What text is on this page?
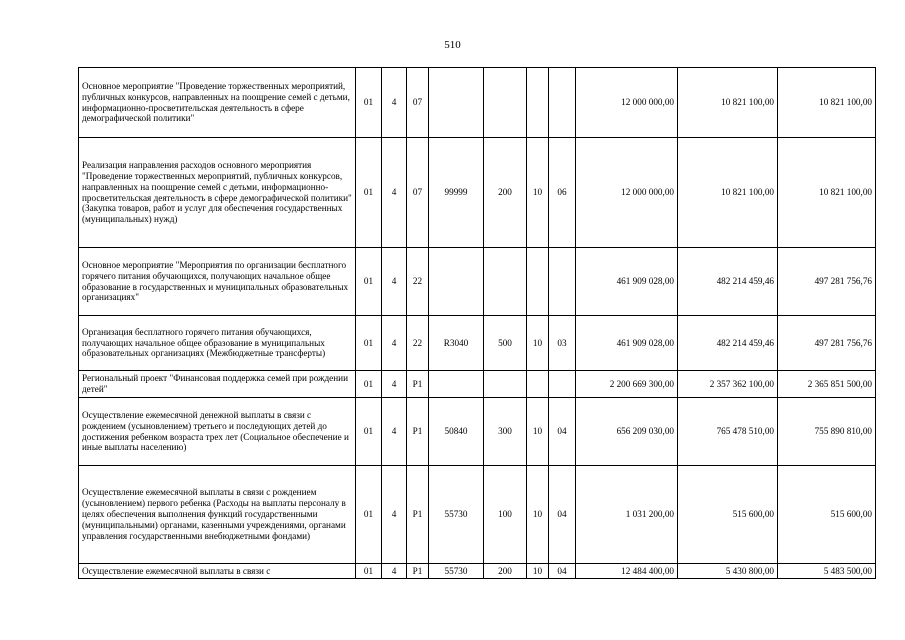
510
Основное мероприятие "Проведение торжественных мероприятий, публичных конкурсов, направленных на поощрение семей с детьми, информационно-просветительская деятельность в сфере демографической политики"	01	4	07					12 000 000,00	10 821 100,00	10 821 100,00
Реализация направления расходов основного мероприятия "Проведение торжественных мероприятий, публичных конкурсов, направленных на поощрение семей с детьми, информационно-просветительская деятельность в сфере демографической политики" (Закупка товаров, работ и услуг для обеспечения государственных (муниципальных) нужд)	01	4	07	99999	200	10	06	12 000 000,00	10 821 100,00	10 821 100,00
Основное мероприятие "Мероприятия по организации бесплатного горячего питания обучающихся, получающих начальное общее образование в государственных и муниципальных образовательных организациях"	01	4	22					461 909 028,00	482 214 459,46	497 281 756,76
Организация бесплатного горячего питания обучающихся, получающих начальное общее образование в муниципальных образовательных организациях (Межбюджетные трансферты)	01	4	22	R3040	500	10	03	461 909 028,00	482 214 459,46	497 281 756,76
Региональный проект "Финансовая поддержка семей при рождении детей"	01	4	P1					2 200 669 300,00	2 357 362 100,00	2 365 851 500,00
Осуществление ежемесячной денежной выплаты в связи с рождением (усыновлением) третьего и последующих детей до достижения ребенком возраста трех лет (Социальное обеспечение и иные выплаты населению)	01	4	P1	50840	300	10	04	656 209 030,00	765 478 510,00	755 890 810,00
Осуществление ежемесячной выплаты в связи с рождением (усыновлением) первого ребенка (Расходы на выплаты персоналу в целях обеспечения выполнения функций государственными (муниципальными) органами, казенными учреждениями, органами управления государственными внебюджетными фондами)	01	4	P1	55730	100	10	04	1 031 200,00	515 600,00	515 600,00
Осуществление ежемесячной выплаты в связи с	01	4	P1	55730	200	10	04	12 484 400,00	5 430 800,00	5 483 500,00
